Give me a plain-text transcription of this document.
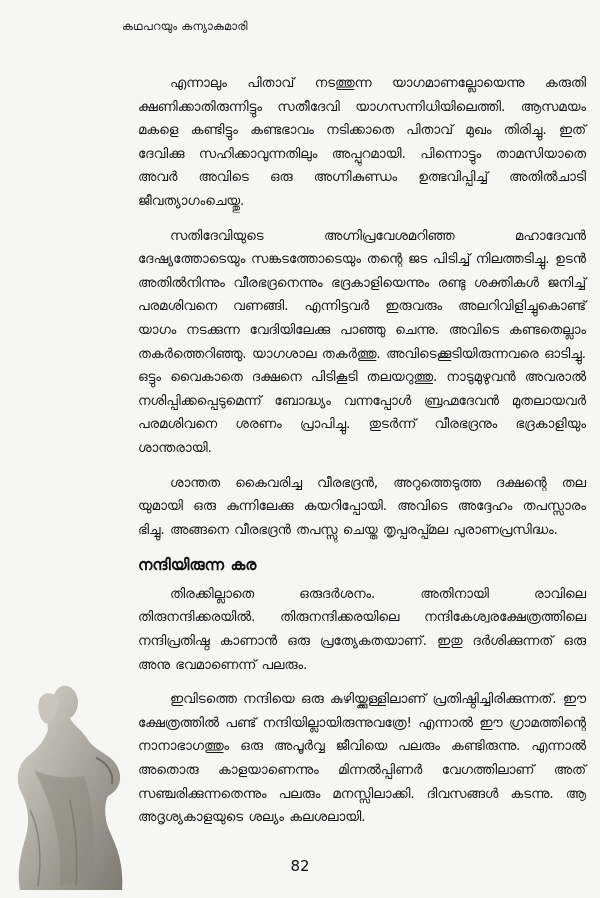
കഥപറയും കന്യാകുമാരി

എന്നാലും പിതാവ് നടത്തുന്ന യാഗമാണല്ലോയെന്നു കരുതി ക്ഷണിക്കാതിരുന്നിട്ടും സതീദേവി യാഗസന്നിധിയിലെത്തി. ആസമയം മകളെ കണ്ടിട്ടും കണ്ടഭാവം നടിക്കാതെ പിതാവ് മുഖം തിരിച്ചു. ഇത് ദേവിക്കു സഹിക്കാവുന്നതിലും അപ്പുറമായി. പിന്നൊട്ടും താമസിയാതെ അവർ അവിടെ ഒരു അഗ്നികുണ്ഡം ഉത്ഭവിപ്പിച്ച് അതിൽചാടി ജീവത്യാഗംചെയ്തു.

സതിദേവിയുടെ അഗ്നിപ്രവേശമറിഞ്ഞ മഹാദേവൻ ദേഷ്യത്തോടെയും സങ്കടത്തോടെയും തന്റെ ജട പിടിച്ച് നിലത്തടിച്ചു. ഉടൻ അതിൽനിന്നും വീരഭദ്രനെന്നും ഭദ്രകാളിയെന്നും രണ്ടു ശക്തികൾ ജനിച്ച് പരമശിവനെ വണങ്ങി. എന്നിട്ടവർ ഇരുവരും അലറിവിളിച്ചുകൊണ്ട് യാഗം നടക്കുന്ന വേദിയിലേക്കു പാഞ്ഞു ചെന്നു. അവിടെ കണ്ടതെല്ലാം തകർത്തെറിഞ്ഞു. യാഗശാല തകർത്തു. അവിടെക്കൂടിയിരുന്നവരെ ഓടിച്ചു. ഒട്ടും വൈകാതെ ദക്ഷനെ പിടികൂടി തലയറുത്തു. നാടുമുഴുവൻ അവരാൽ നശിപ്പിക്കപ്പെടുമെന്ന് ബോദ്ധ്യം വന്നപ്പോൾ ബ്രഹ്മദേവൻ മുതലായവർ പരമശിവനെ ശരണം പ്രാപിച്ചു. തുടർന്ന് വീരഭദ്രനും ഭദ്രകാളിയും ശാന്തരായി.

ശാന്തത കൈവരിച്ച വീരഭദ്രൻ, അറുത്തെടുത്ത ദക്ഷന്റെ തല യുമായി ഒരു കുന്നിലേക്കു കയറിപ്പോയി. അവിടെ അദ്ദേഹം തപസ്സാരം ഭിച്ചു. അങ്ങനെ വീരഭദ്രൻ തപസ്സു ചെയ്ത തൃപ്പരപ്പ്മല പുരാണപ്രസിദ്ധം.

നന്ദിയിരുന്ന കര

തിരക്കില്ലാതെ ഒരുദർശനം. അതിനായി രാവിലെ തിരുനന്ദിക്കരയിൽ. തിരുനന്ദിക്കരയിലെ നന്ദികേശ്വരക്ഷേത്രത്തിലെ നന്ദിപ്രതിഷ്ഠ കാണാൻ ഒരു പ്രത്യേകതയാണ്. ഇതു ദർശിക്കുന്നത് ഒരു അനു ഭവമാണെന്ന് പലരും.

ഇവിടത്തെ നന്ദിയെ ഒരു കുഴിയ്ക്കുള്ളിലാണ് പ്രതിഷ്ഠിച്ചിരിക്കുന്നത്. ഈ ക്ഷേത്രത്തിൽ പണ്ട് നന്ദിയില്ലായിരുന്നുവത്രേ! എന്നാൽ ഈ ഗ്രാമത്തിന്റെ നാനാഭാഗത്തും ഒരു അപൂർവ്വ ജീവിയെ പലരും കണ്ടിരുന്നു. എന്നാൽ അതൊരു കാളയാണെന്നും മിന്നൽപ്പിണർ വേഗത്തിലാണ് അത് സഞ്ചരിക്കുന്നതെന്നും പലരും മനസ്സിലാക്കി. ദിവസങ്ങൾ കടന്നു. ആ അദൃശ്യകാളയുടെ ശല്യം കലശലായി.

82
